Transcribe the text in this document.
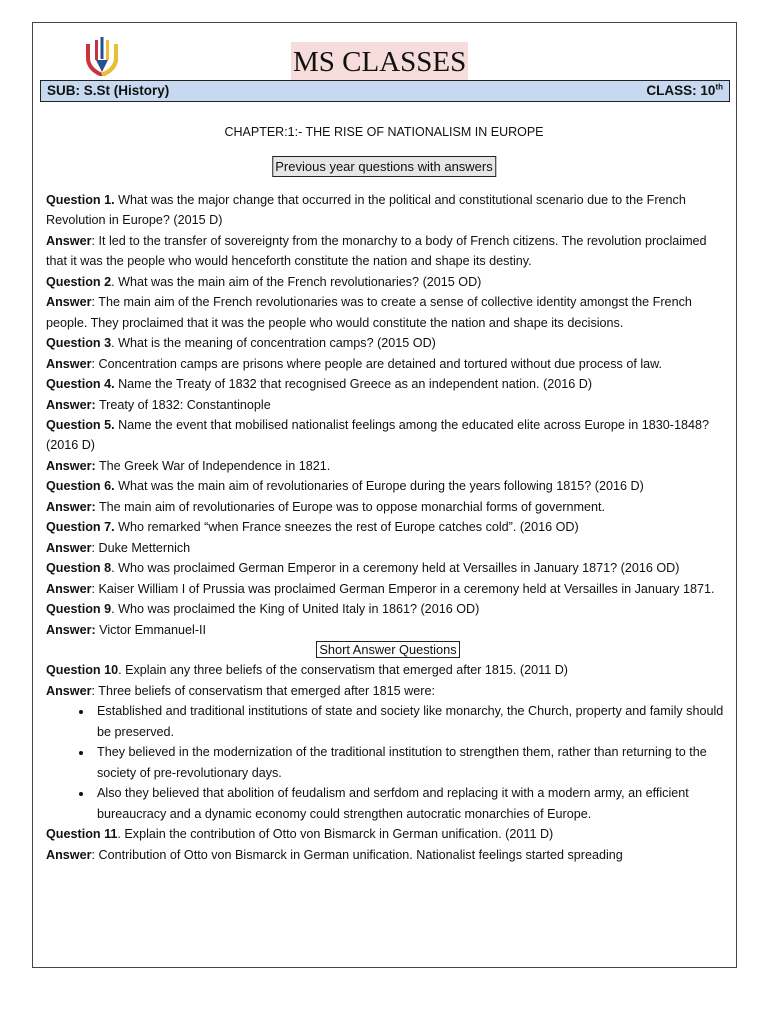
MS CLASSES
SUB: S.St (History)	CLASS: 10th
CHAPTER:1:- THE RISE OF NATIONALISM IN EUROPE
Previous year questions with answers

Question 1. What was the major change that occurred in the political and constitutional scenario due to the French Revolution in Europe? (2015 D)

Answer: It led to the transfer of sovereignty from the monarchy to a body of French citizens. The revolution proclaimed that it was the people who would henceforth constitute the nation and shape its destiny.

Question 2. What was the main aim of the French revolutionaries? (2015 OD)

Answer: The main aim of the French revolutionaries was to create a sense of collective identity amongst the French people. They proclaimed that it was the people who would constitute the nation and shape its decisions.

Question 3. What is the meaning of concentration camps? (2015 OD)

Answer: Concentration camps are prisons where people are detained and tortured without due process of law.

Question 4. Name the Treaty of 1832 that recognised Greece as an independent nation. (2016 D)

Answer: Treaty of 1832: Constantinople

Question 5. Name the event that mobilised nationalist feelings among the educated elite across Europe in 1830-1848? (2016 D)

Answer: The Greek War of Independence in 1821.

Question 6. What was the main aim of revolutionaries of Europe during the years following 1815? (2016 D)

Answer: The main aim of revolutionaries of Europe was to oppose monarchial forms of government.

Question 7. Who remarked “when France sneezes the rest of Europe catches cold”. (2016 OD)

Answer: Duke Metternich

Question 8. Who was proclaimed German Emperor in a ceremony held at Versailles in January 1871? (2016 OD)

Answer: Kaiser William I of Prussia was proclaimed German Emperor in a ceremony held at Versailles in January 1871.

Question 9. Who was proclaimed the King of United Italy in 1861? (2016 OD)

Answer: Victor Emmanuel-II

Short Answer Questions

Question 10. Explain any three beliefs of the conservatism that emerged after 1815. (2011 D)

Answer: Three beliefs of conservatism that emerged after 1815 were:

• Established and traditional institutions of state and society like monarchy, the Church, property and family should be preserved.
• They believed in the modernization of the traditional institution to strengthen them, rather than returning to the society of pre-revolutionary days.
• Also they believed that abolition of feudalism and serfdom and replacing it with a modern army, an efficient bureaucracy and a dynamic economy could strengthen autocratic monarchies of Europe.

Question 11. Explain the contribution of Otto von Bismarck in German unification. (2011 D)

Answer: Contribution of Otto von Bismarck in German unification. Nationalist feelings started spreading
